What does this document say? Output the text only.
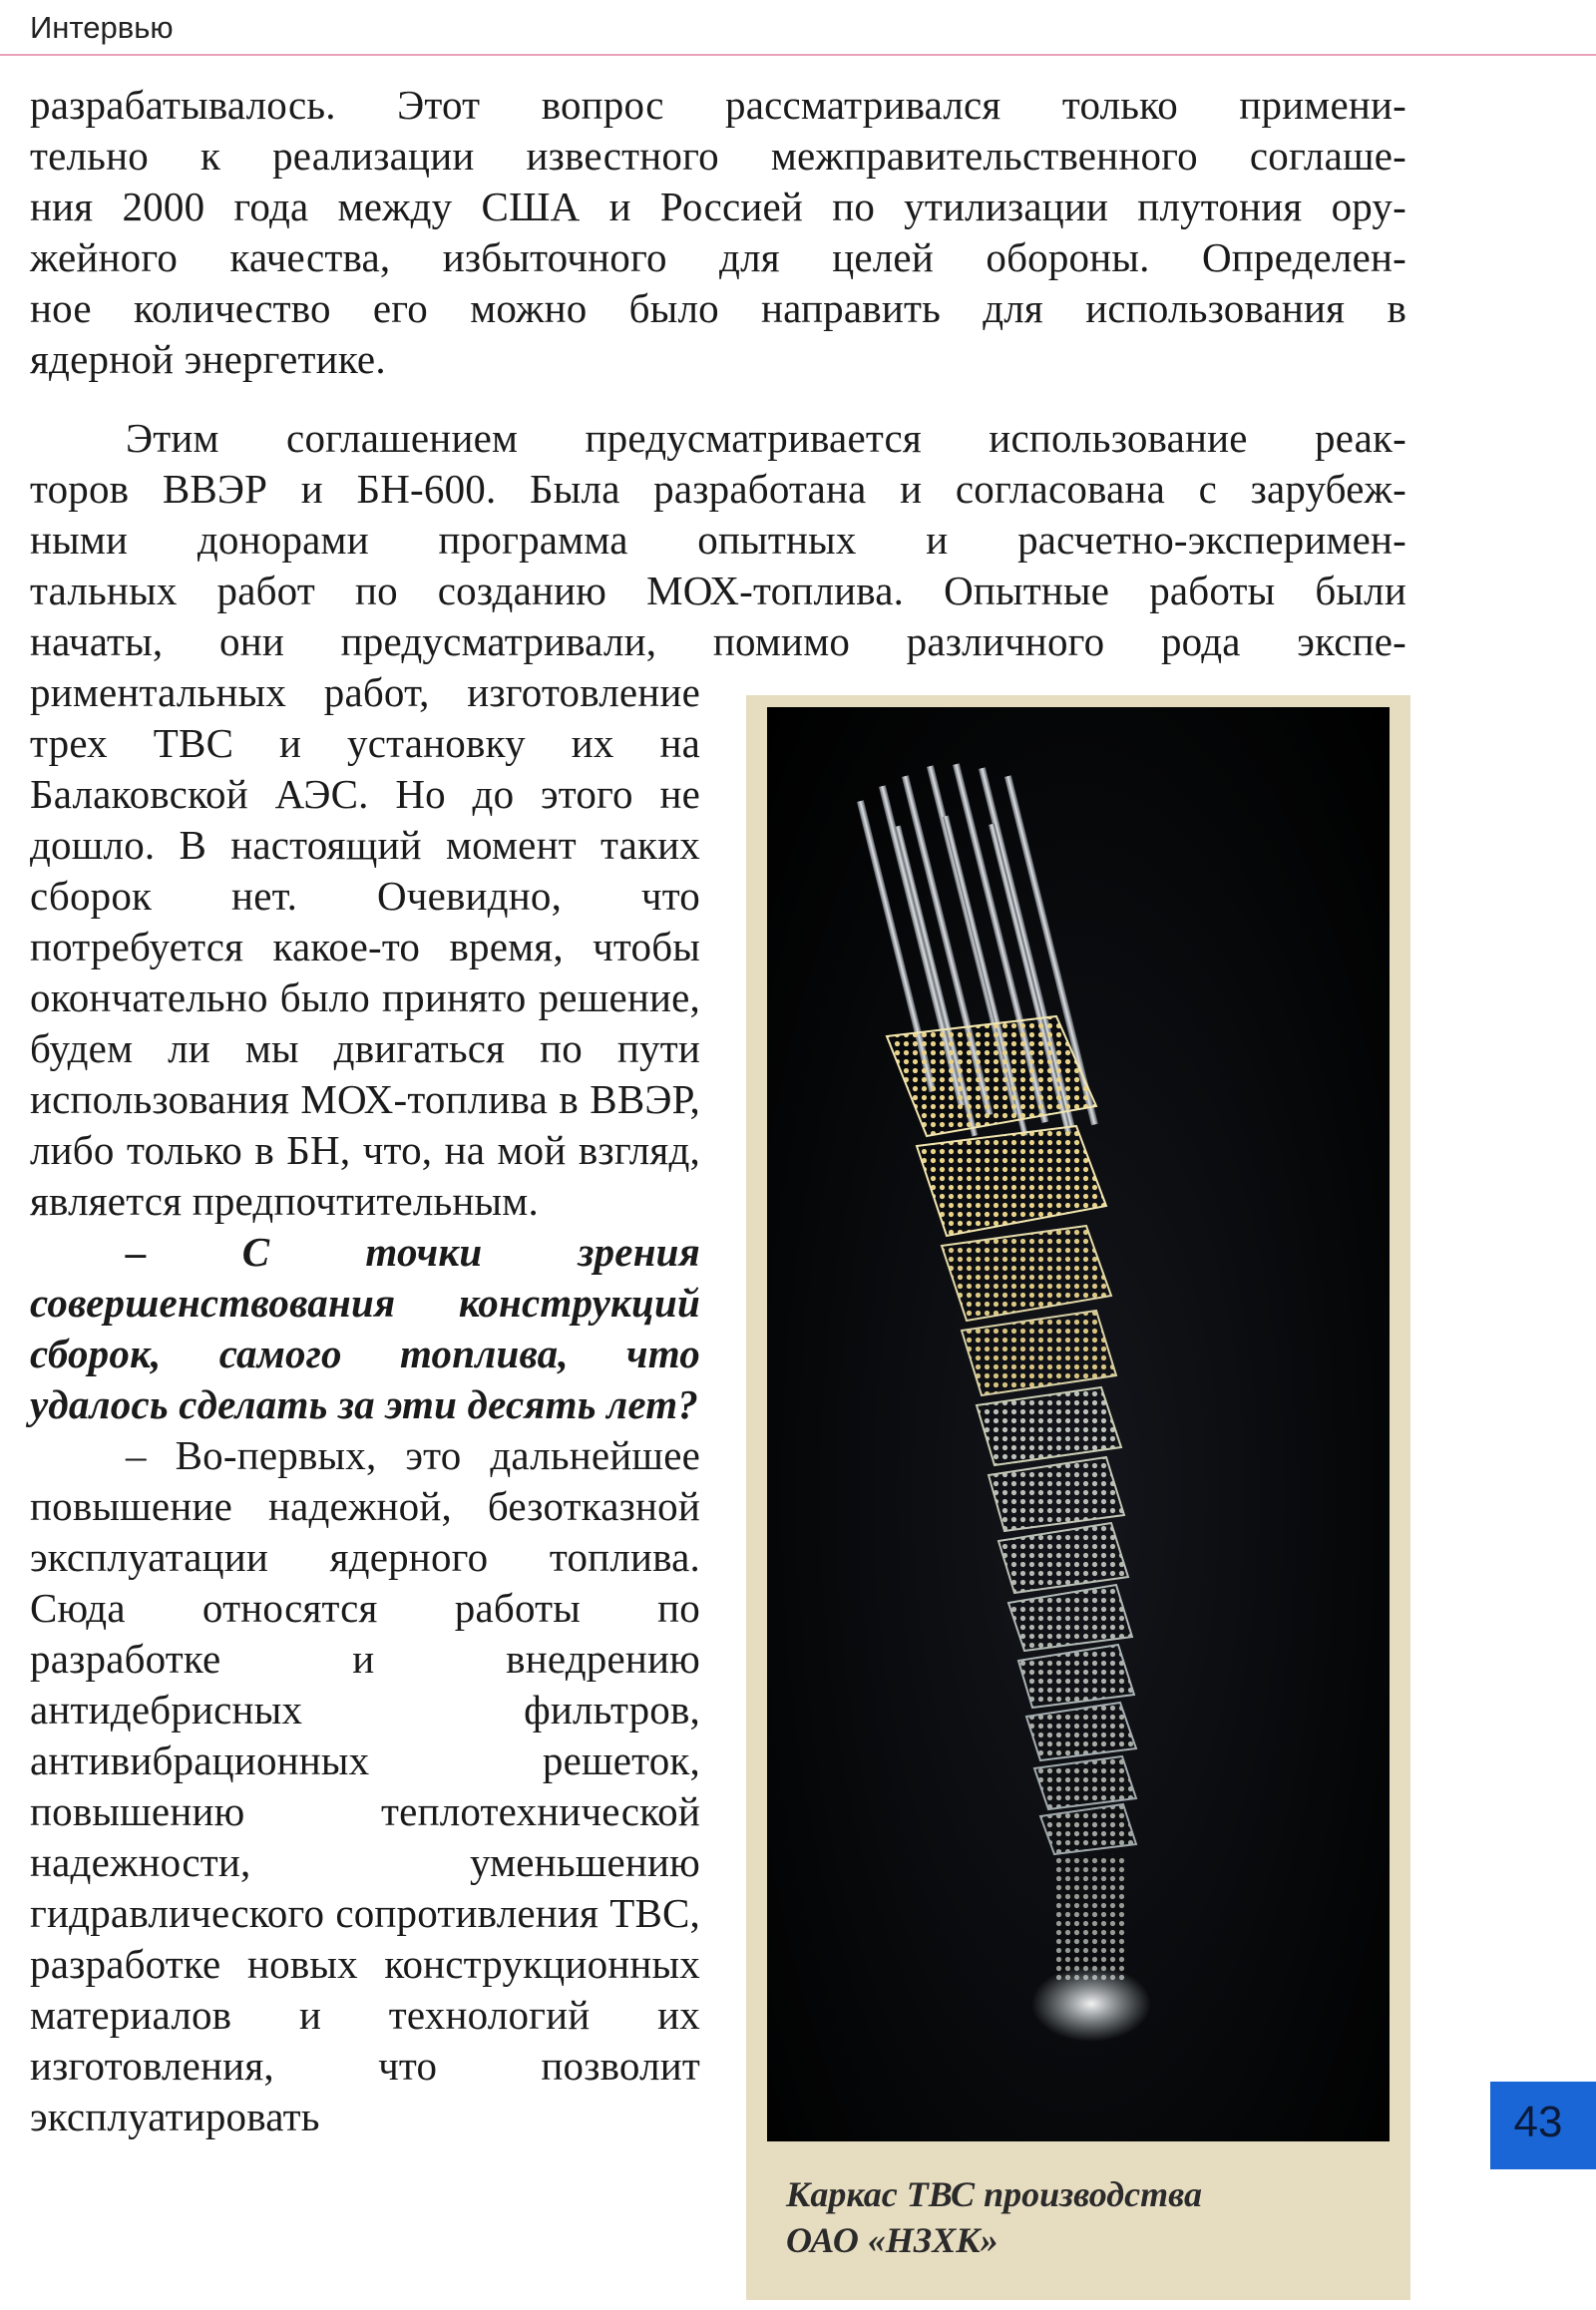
Интервью

разрабатывалось. Этот вопрос рассматривался только примени-

тельно к реализации известного межправительственного соглаше-

ния 2000 года между США и Россией по утилизации плутония ору-

жейного качества, избыточного для целей обороны. Определен-

ное количество его можно было направить для использования в

ядерной энергетике.

Этим соглашением предусматривается использование реак-

торов ВВЭР и БН-600. Была разработана и согласована с зарубеж-

ными донорами программа опытных и расчетно-эксперимен-

тальных работ по созданию МОХ-топлива. Опытные работы были

начаты, они предусматривали, помимо различного рода экспе-

риментальных работ, изготовление трех ТВС и установку их на Балаковской АЭС. Но до этого не дошло. В настоящий момент таких сборок нет. Очевидно, что потребуется какое-то время, чтобы окончательно было принято решение, будем ли мы двигаться по пути использования МОХ-топлива в ВВЭР, либо только в БН, что, на мой взгляд, является предпочтительным.

– С точки зрения совершенствования конструкций сборок, самого топлива, что удалось сделать за эти десять лет?

– Во-первых, это дальнейшее повышение надежной, безотказной эксплуатации ядерного топлива. Сюда относятся работы по разработке и внедрению антидебрисных фильтров, антивибрационных решеток, повышению теплотехнической надежности, уменьшению гидравлического сопротивления ТВС, разработке новых конструкционных материалов и технологий их изготовления, что позволит эксплуатировать

Каркас ТВС производства
ОАО «НЗХК»
43
